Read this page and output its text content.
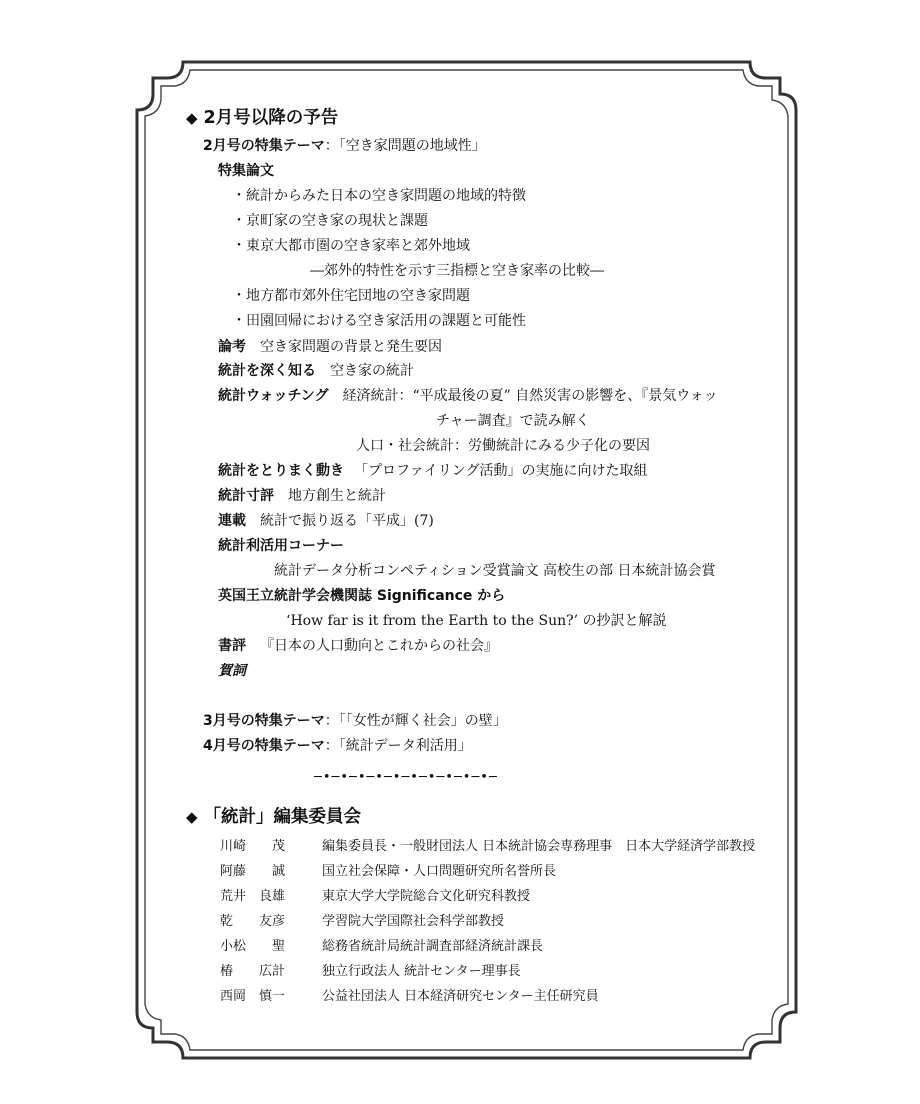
◆ 2月号以降の予告
2月号の特集テーマ：「空き家問題の地域性」
特集論文
・統計からみた日本の空き家問題の地域的特徴
・京町家の空き家の現状と課題
・東京大都市圏の空き家率と郊外地域
―郊外的特性を示す三指標と空き家率の比較―
・地方都市郊外住宅団地の空き家問題
・田園回帰における空き家活用の課題と可能性
論考 空き家問題の背景と発生要因
統計を深く知る 空き家の統計
統計ウォッチング 経済統計：“平成最後の夏” 自然災害の影響を、『景気ウォッ
チャー調査』で読み解く
人口・社会統計：労働統計にみる少子化の要因
統計をとりまく動き 「プロファイリング活動」の実施に向けた取組
統計寸評 地方創生と統計
連載 統計で振り返る「平成」(7)
統計利活用コーナー
統計データ分析コンペティション受賞論文 高校生の部 日本統計協会賞
英国王立統計学会機関誌 Significance から
‘How far is it from the Earth to the Sun?’ の抄訳と解説
書評 『日本の人口動向とこれからの社会』
賀詞
3月号の特集テーマ：「「女性が輝く社会」の壁」
4月号の特集テーマ：「統計データ利活用」
─•─•─•─•─•─•─•─•─•─•─
◆ 「統計」編集委員会
川崎　　茂	編集委員長・一般財団法人 日本統計協会専務理事　日本大学経済学部教授
阿藤　　誠	国立社会保障・人口問題研究所名誉所長
荒井　良雄	東京大学大学院総合文化研究科教授
乾　　友彦	学習院大学国際社会科学部教授
小松　　聖	総務省統計局統計調査部経済統計課長
椿　　広計	独立行政法人 統計センター理事長
西岡　慎一	公益社団法人 日本経済研究センター主任研究員
